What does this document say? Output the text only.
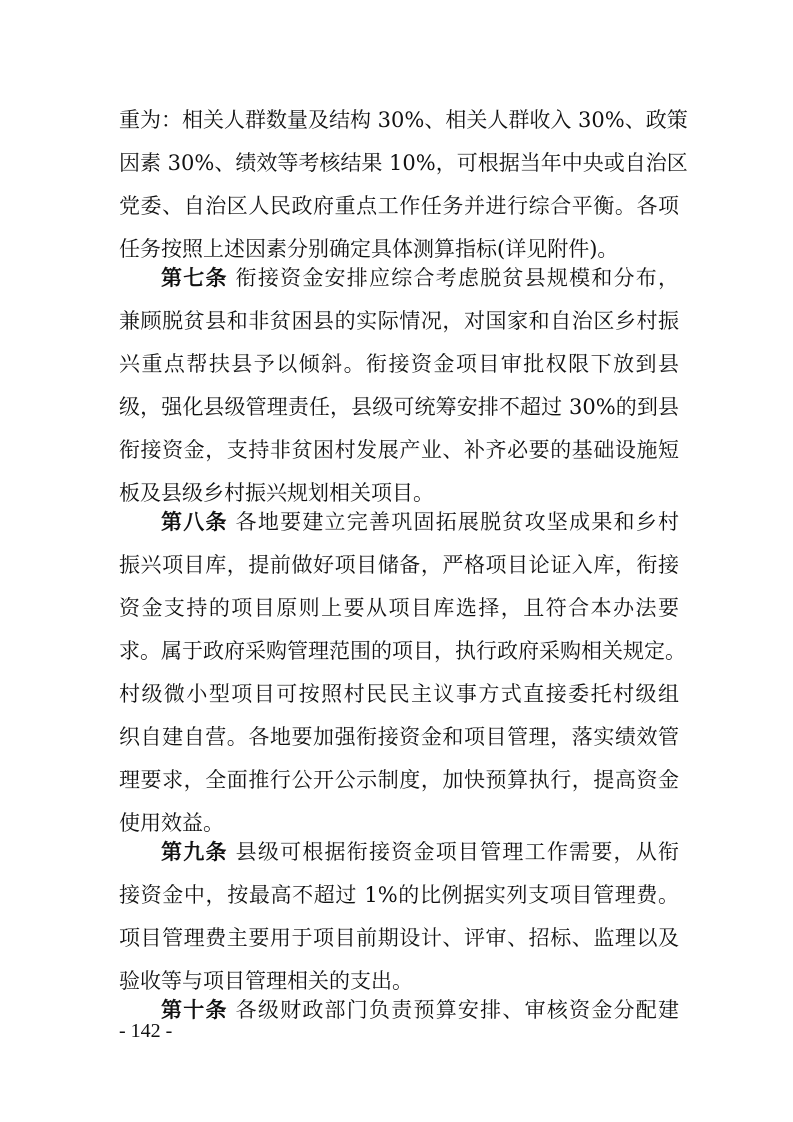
重为：相关人群数量及结构 30%、相关人群收入 30%、政策
因素 30%、绩效等考核结果 10%，可根据当年中央或自治区
党委、自治区人民政府重点工作任务并进行综合平衡。各项
任务按照上述因素分别确定具体测算指标(详见附件)。
第七条 衔接资金安排应综合考虑脱贫县规模和分布，
兼顾脱贫县和非贫困县的实际情况，对国家和自治区乡村振
兴重点帮扶县予以倾斜。衔接资金项目审批权限下放到县
级，强化县级管理责任，县级可统筹安排不超过 30%的到县
衔接资金，支持非贫困村发展产业、补齐必要的基础设施短
板及县级乡村振兴规划相关项目。
第八条 各地要建立完善巩固拓展脱贫攻坚成果和乡村
振兴项目库，提前做好项目储备，严格项目论证入库，衔接
资金支持的项目原则上要从项目库选择，且符合本办法要
求。属于政府采购管理范围的项目，执行政府采购相关规定。
村级微小型项目可按照村民民主议事方式直接委托村级组
织自建自营。各地要加强衔接资金和项目管理，落实绩效管
理要求，全面推行公开公示制度，加快预算执行，提高资金
使用效益。
第九条 县级可根据衔接资金项目管理工作需要，从衔
接资金中，按最高不超过 1%的比例据实列支项目管理费。
项目管理费主要用于项目前期设计、评审、招标、监理以及
验收等与项目管理相关的支出。
第十条 各级财政部门负责预算安排、审核资金分配建
- 142 -
